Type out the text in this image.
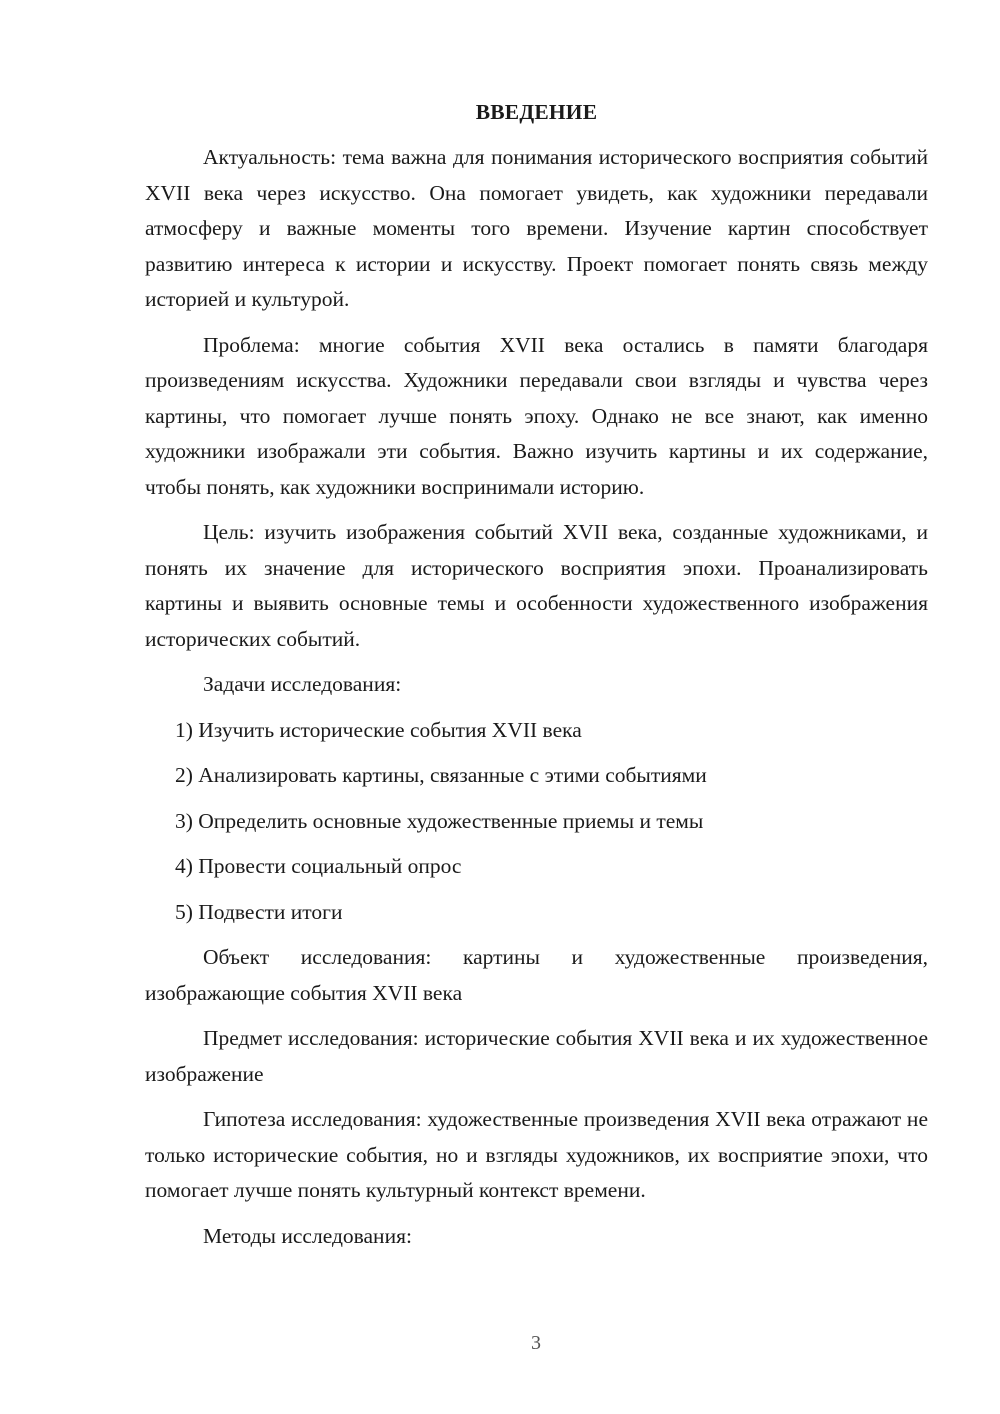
ВВЕДЕНИЕ
Актуальность: тема важна для понимания исторического восприятия событий XVII века через искусство. Она помогает увидеть, как художники передавали атмосферу и важные моменты того времени. Изучение картин способствует развитию интереса к истории и искусству. Проект помогает понять связь между историей и культурой.
Проблема: многие события XVII века остались в памяти благодаря произведениям искусства. Художники передавали свои взгляды и чувства через картины, что помогает лучше понять эпоху. Однако не все знают, как именно художники изображали эти события. Важно изучить картины и их содержание, чтобы понять, как художники воспринимали историю.
Цель: изучить изображения событий XVII века, созданные художниками, и понять их значение для исторического восприятия эпохи. Проанализировать картины и выявить основные темы и особенности художественного изображения исторических событий.
Задачи исследования:
1) Изучить исторические события XVII века
2) Анализировать картины, связанные с этими событиями
3) Определить основные художественные приемы и темы
4) Провести социальный опрос
5) Подвести итоги
Объект исследования: картины и художественные произведения, изображающие события XVII века
Предмет исследования: исторические события XVII века и их художественное изображение
Гипотеза исследования: художественные произведения XVII века отражают не только исторические события, но и взгляды художников, их восприятие эпохи, что помогает лучше понять культурный контекст времени.
Методы исследования:
3
